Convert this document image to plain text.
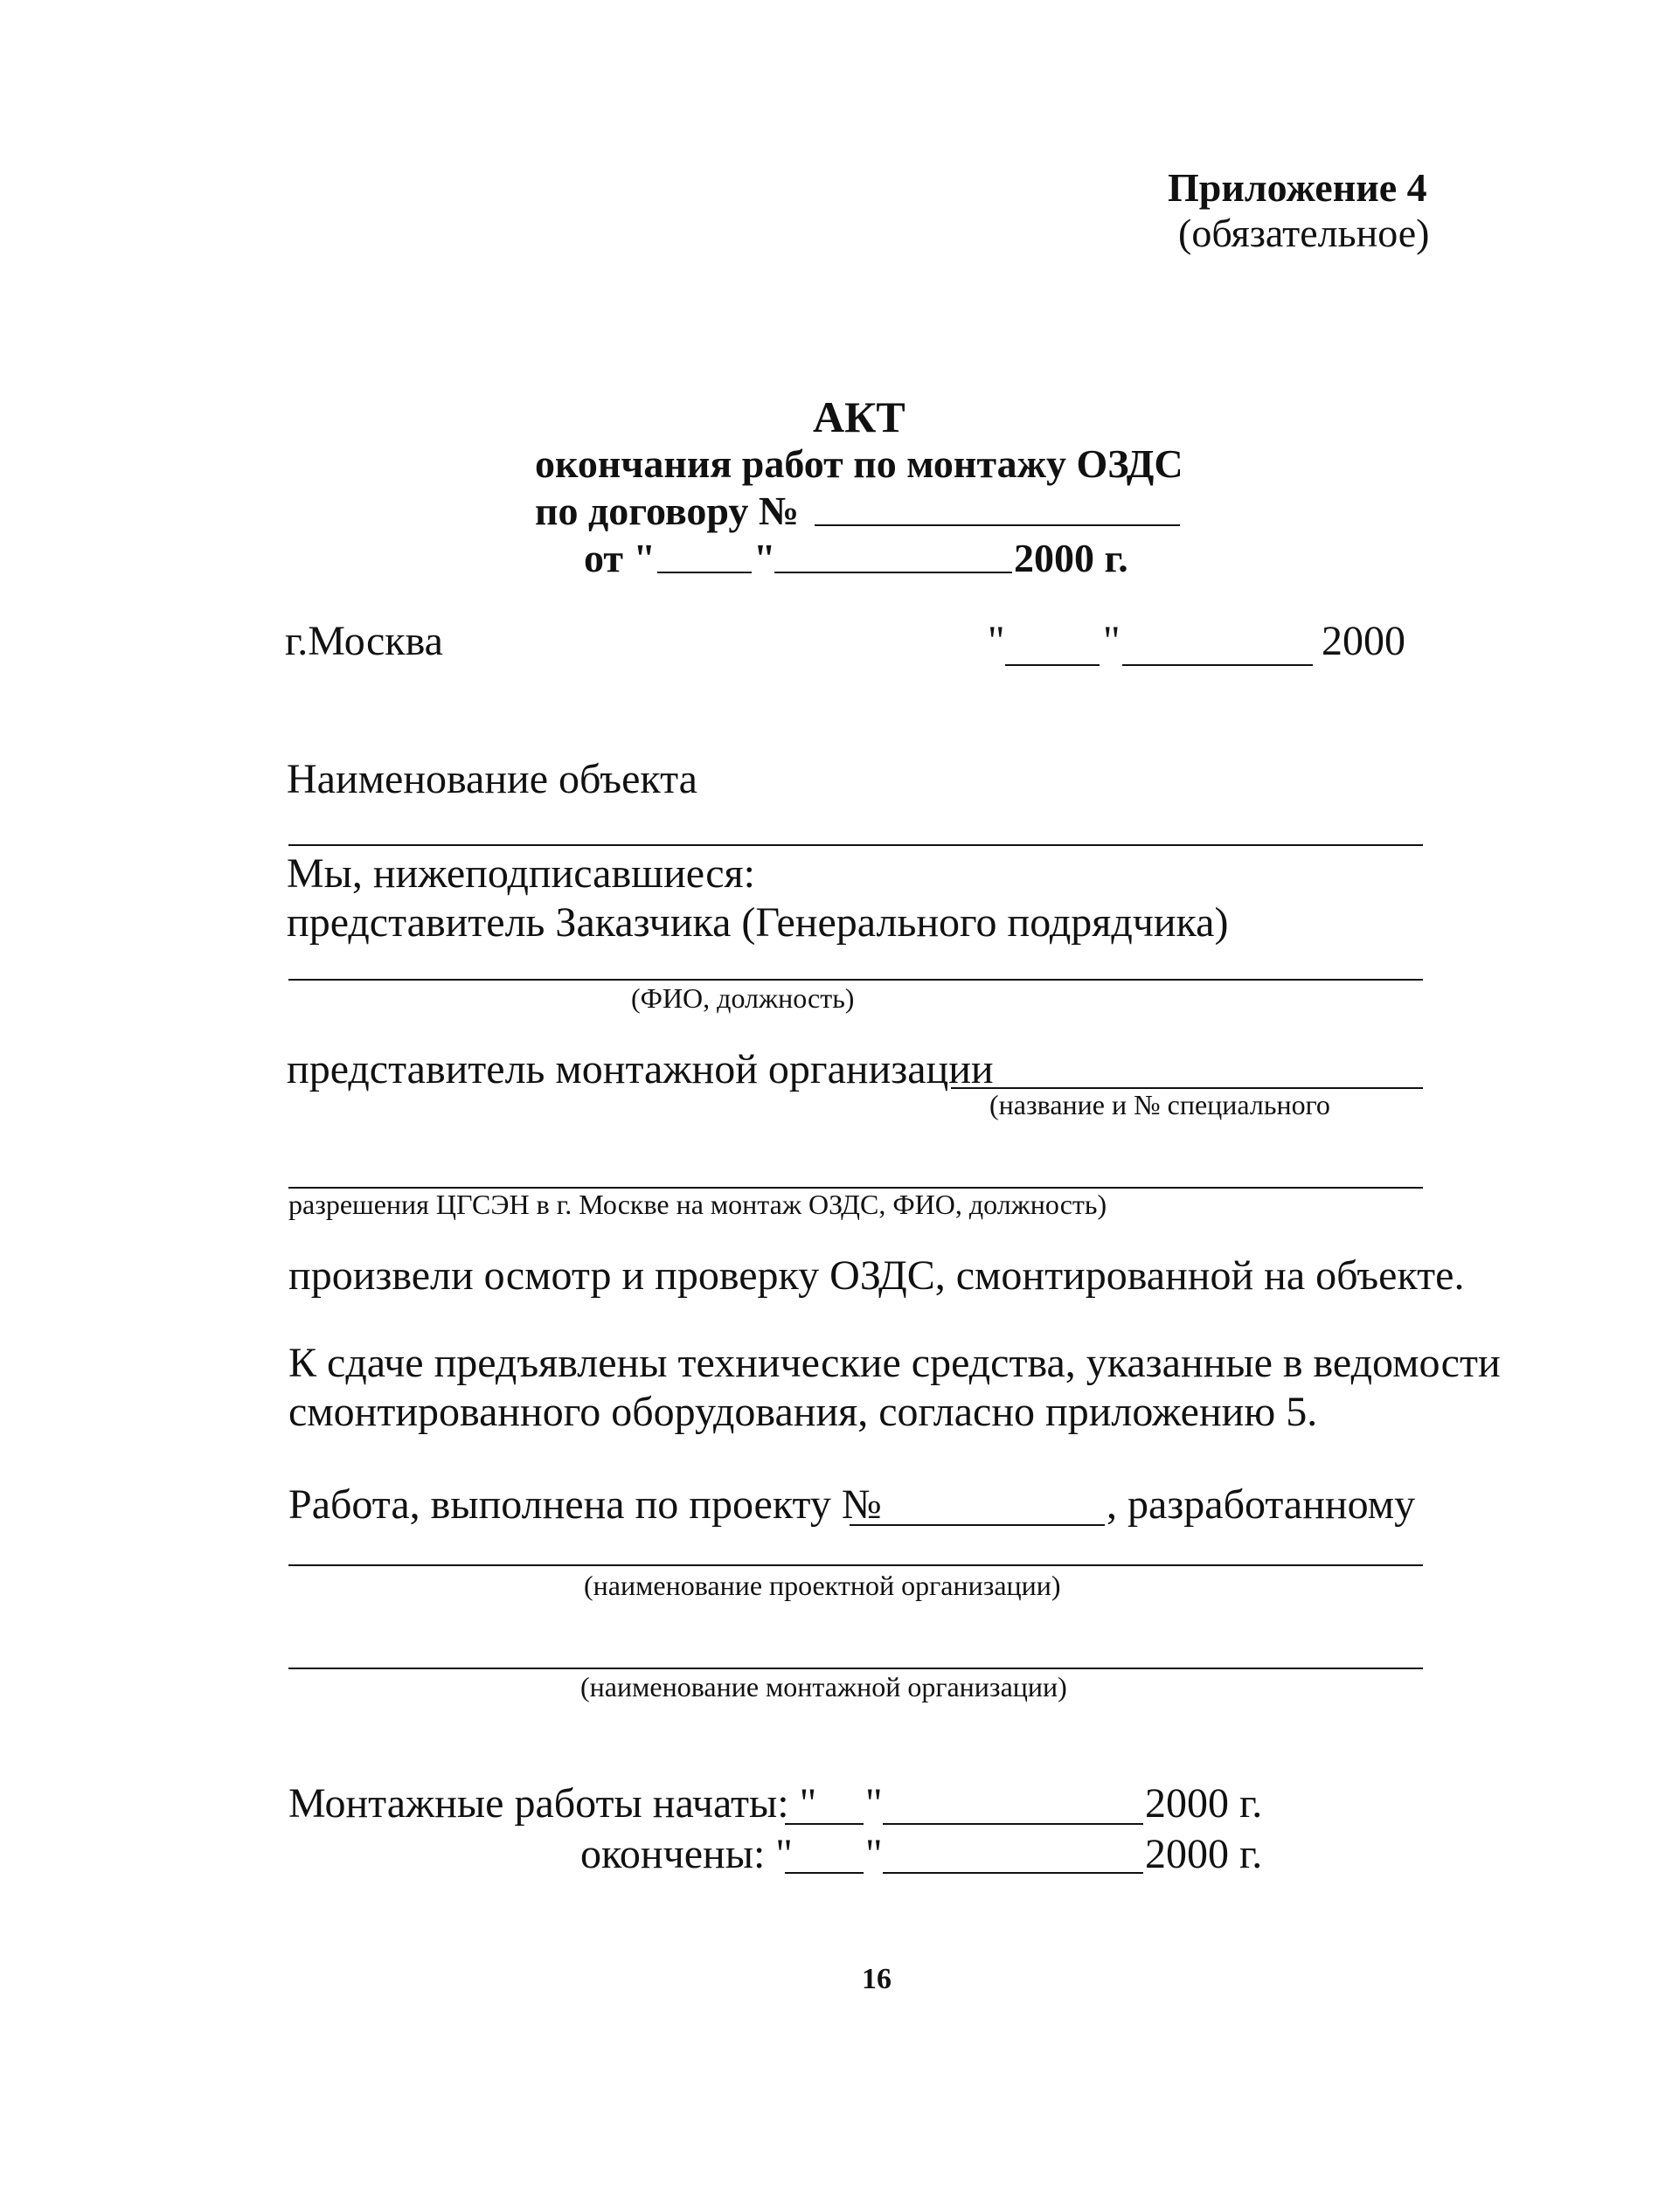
Приложение 4
(обязательное)
АКТ
окончания работ по монтажу ОЗДС
по договору №
от " "	2000 г.
г.Москва	" "	2000
Наименование объекта
Мы, нижеподписавшиеся:
представитель Заказчика (Генерального подрядчика)
(ФИО, должность)
представитель монтажной организации
(название и № специального
разрешения ЦГСЭН в г. Москве на монтаж ОЗДС, ФИО, должность)
произвели осмотр и проверку ОЗДС, смонтированной на объекте.
К сдаче предъявлены технические средства, указанные в ведомости
смонтированного оборудования, согласно приложению 5.
Работа, выполнена по проекту №	, разработанному
(наименование проектной организации)
(наименование монтажной организации)
Монтажные работы начаты: " "	2000 г.
окончены: " "	2000 г.
16
